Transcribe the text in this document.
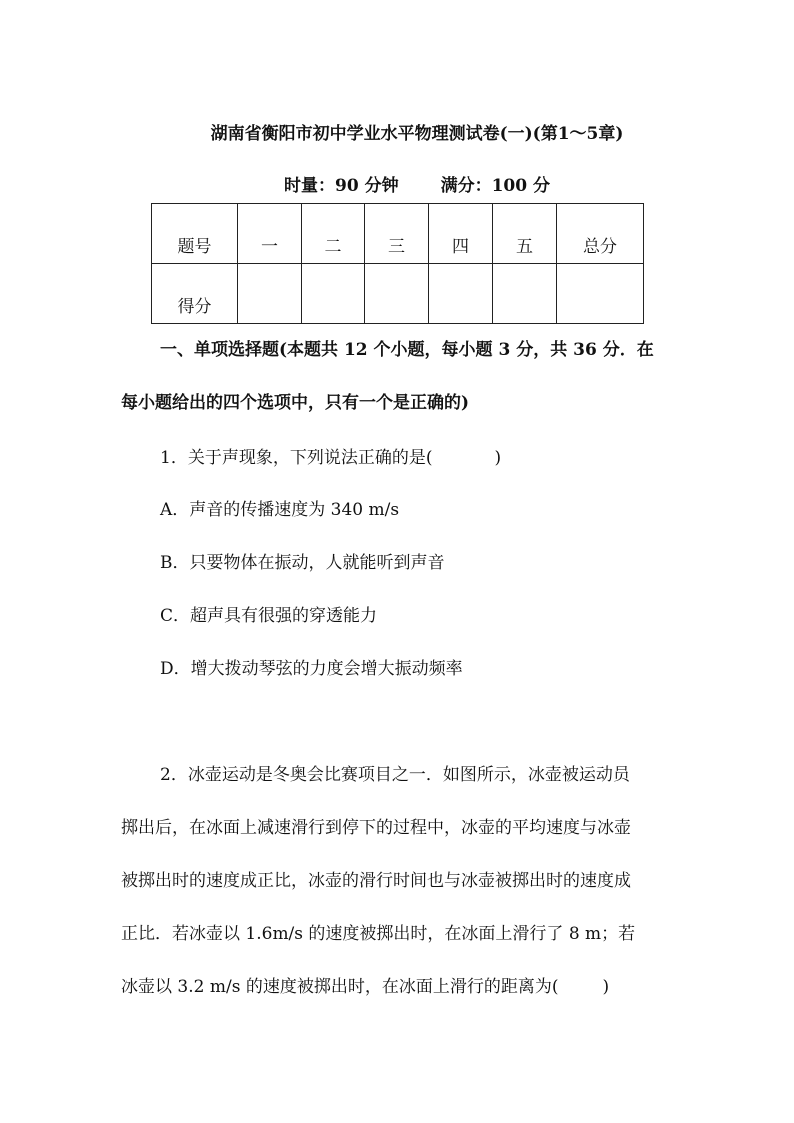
湖南省衡阳市初中学业水平物理测试卷(一)(第1～5章)
时量：90 分钟 满分：100 分
题号	一	二	三	四	五	总分
得分						
一、单项选择题(本题共 12 个小题，每小题 3 分，共 36 分．在
每小题给出的四个选项中，只有一个是正确的)
1．关于声现象，下列说法正确的是(	)
A．声音的传播速度为 340 m/s
B．只要物体在振动，人就能听到声音
C．超声具有很强的穿透能力
D．增大拨动琴弦的力度会增大振动频率
2．冰壶运动是冬奥会比赛项目之一．如图所示，冰壶被运动员
掷出后，在冰面上减速滑行到停下的过程中，冰壶的平均速度与冰壶
被掷出时的速度成正比，冰壶的滑行时间也与冰壶被掷出时的速度成
正比．若冰壶以 1.6m/s 的速度被掷出时，在冰面上滑行了 8 m；若
冰壶以 3.2 m/s 的速度被掷出时，在冰面上滑行的距离为(	)
